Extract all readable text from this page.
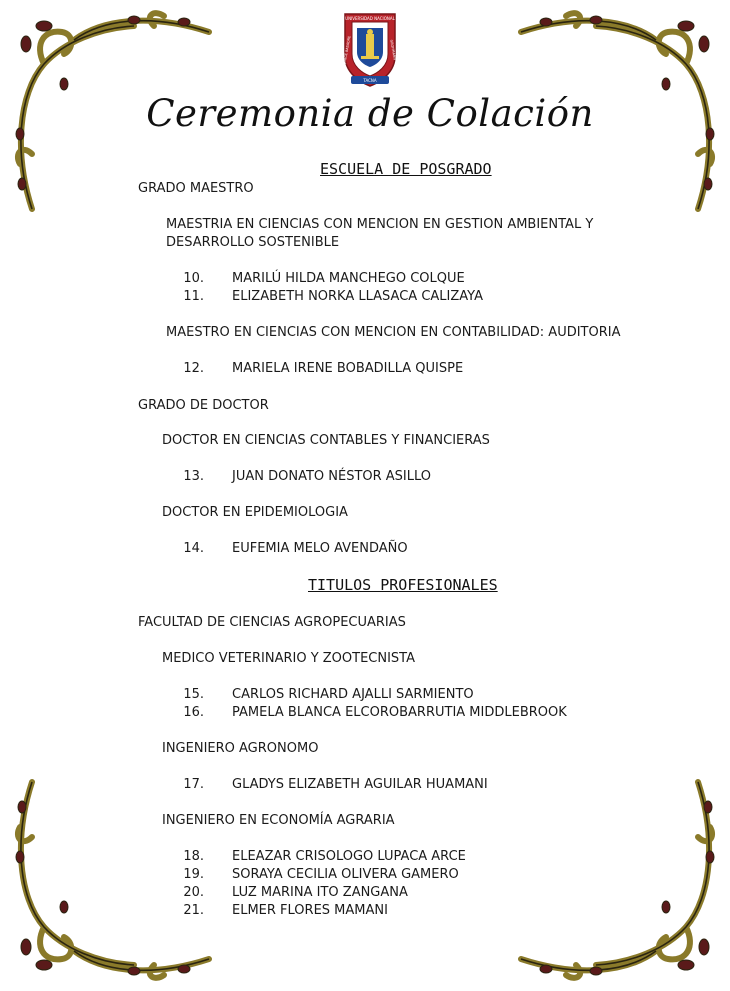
UNIVERSIDAD NACIONAL
JORGE BASADRE	GROHMANN
TACNA
Ceremonia de Colación
ESCUELA DE POSGRADO
GRADO MAESTRO
MAESTRIA EN CIENCIAS CON MENCION EN GESTION AMBIENTAL Y
DESARROLLO SOSTENIBLE
10. MARILÚ HILDA MANCHEGO COLQUE
11. ELIZABETH NORKA LLASACA CALIZAYA
MAESTRO EN CIENCIAS CON MENCION EN CONTABILIDAD: AUDITORIA
12. MARIELA IRENE BOBADILLA QUISPE
GRADO DE DOCTOR
DOCTOR EN CIENCIAS CONTABLES Y FINANCIERAS
13. JUAN DONATO NÉSTOR ASILLO
DOCTOR EN EPIDEMIOLOGIA
14. EUFEMIA MELO AVENDAÑO
TITULOS PROFESIONALES
FACULTAD DE CIENCIAS AGROPECUARIAS
MEDICO VETERINARIO Y ZOOTECNISTA
15. CARLOS RICHARD AJALLI SARMIENTO
16. PAMELA BLANCA ELCOROBARRUTIA MIDDLEBROOK
INGENIERO AGRONOMO
17. GLADYS ELIZABETH AGUILAR HUAMANI
INGENIERO EN ECONOMÍA AGRARIA
18. ELEAZAR CRISOLOGO LUPACA ARCE
19. SORAYA CECILIA OLIVERA GAMERO
20. LUZ MARINA ITO ZANGANA
21. ELMER FLORES MAMANI
